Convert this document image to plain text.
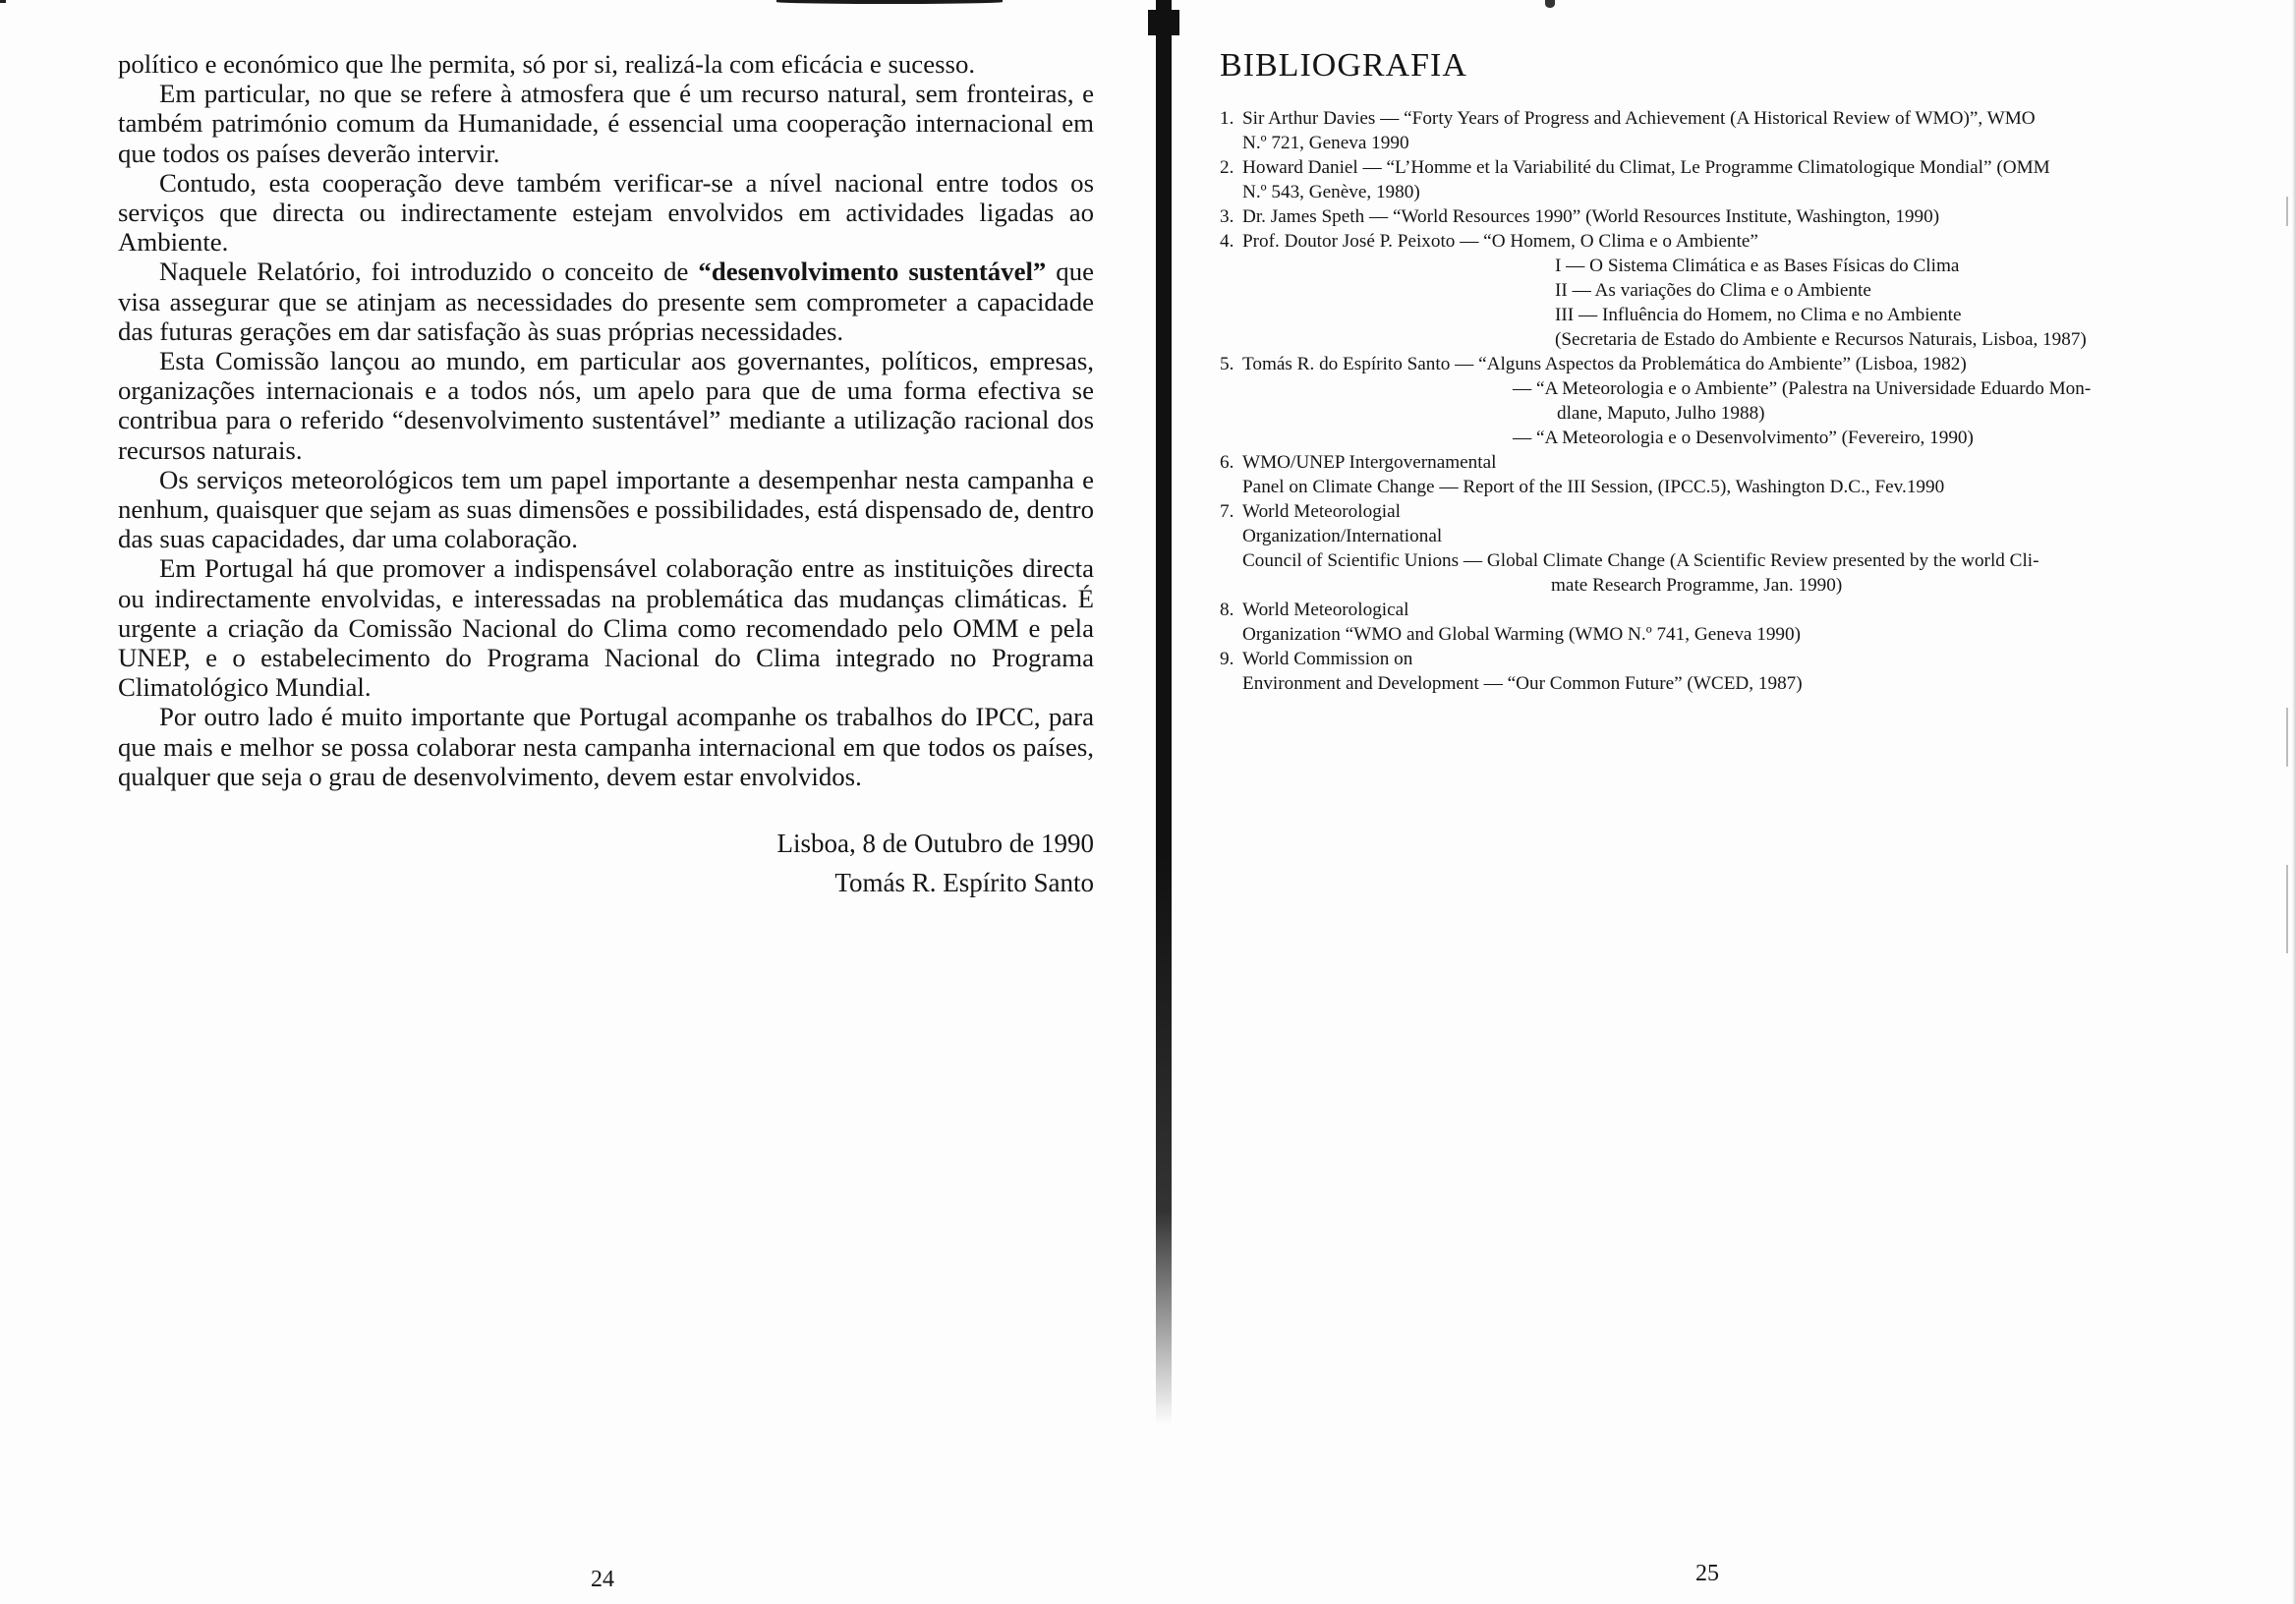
político e económico que lhe permita, só por si, realizá-la com eficácia e sucesso.

Em particular, no que se refere à atmosfera que é um recurso natural, sem fronteiras, e também património comum da Humanidade, é essencial uma cooperação internacional em que todos os países deverão intervir.

Contudo, esta cooperação deve também verificar-se a nível nacional entre todos os serviços que directa ou indirectamente estejam envolvidos em actividades ligadas ao Ambiente.

Naquele Relatório, foi introduzido o conceito de “desenvolvimento sustentável” que visa assegurar que se atinjam as necessidades do presente sem comprometer a capacidade das futuras gerações em dar satisfação às suas próprias necessidades.

Esta Comissão lançou ao mundo, em particular aos governantes, políticos, empresas, organizações internacionais e a todos nós, um apelo para que de uma forma efectiva se contribua para o referido “desenvolvimento sustentável” mediante a utilização racional dos recursos naturais.

Os serviços meteorológicos tem um papel importante a desempenhar nesta campanha e nenhum, quaisquer que sejam as suas dimensões e possibilidades, está dispensado de, dentro das suas capacidades, dar uma colaboração.

Em Portugal há que promover a indispensável colaboração entre as instituições directa ou indirectamente envolvidas, e interessadas na problemática das mudanças climáticas. É urgente a criação da Comissão Nacional do Clima como recomendado pelo OMM e pela UNEP, e o estabelecimento do Programa Nacional do Clima integrado no Programa Climatológico Mundial.

Por outro lado é muito importante que Portugal acompanhe os trabalhos do IPCC, para que mais e melhor se possa colaborar nesta campanha internacional em que todos os países, qualquer que seja o grau de desenvolvimento, devem estar envolvidos.

Lisboa, 8 de Outubro de 1990
Tomás R. Espírito Santo
24
BIBLIOGRAFIA
1. Sir Arthur Davies — “Forty Years of Progress and Achievement (A Historical Review of WMO)”, WMO
N.º 721, Geneva 1990
2. Howard Daniel — “L’Homme et la Variabilité du Climat, Le Programme Climatologique Mondial” (OMM
N.º 543, Genève, 1980)
3. Dr. James Speth — “World Resources 1990” (World Resources Institute, Washington, 1990)
4. Prof. Doutor José P. Peixoto — “O Homem, O Clima e o Ambiente”
I — O Sistema Climática e as Bases Físicas do Clima
II — As variações do Clima e o Ambiente
III — Influência do Homem, no Clima e no Ambiente
(Secretaria de Estado do Ambiente e Recursos Naturais, Lisboa, 1987)
5. Tomás R. do Espírito Santo — “Alguns Aspectos da Problemática do Ambiente” (Lisboa, 1982)
— “A Meteorologia e o Ambiente” (Palestra na Universidade Eduardo Mon-
dlane, Maputo, Julho 1988)
— “A Meteorologia e o Desenvolvimento” (Fevereiro, 1990)
6. WMO/UNEP Intergovernamental
Panel on Climate Change — Report of the III Session, (IPCC.5), Washington D.C., Fev.1990
7. World Meteorologial
Organization/International
Council of Scientific Unions — Global Climate Change (A Scientific Review presented by the world Cli-
mate Research Programme, Jan. 1990)
8. World Meteorological
Organization “WMO and Global Warming (WMO N.º 741, Geneva 1990)
9. World Commission on
Environment and Development — “Our Common Future” (WCED, 1987)
25
